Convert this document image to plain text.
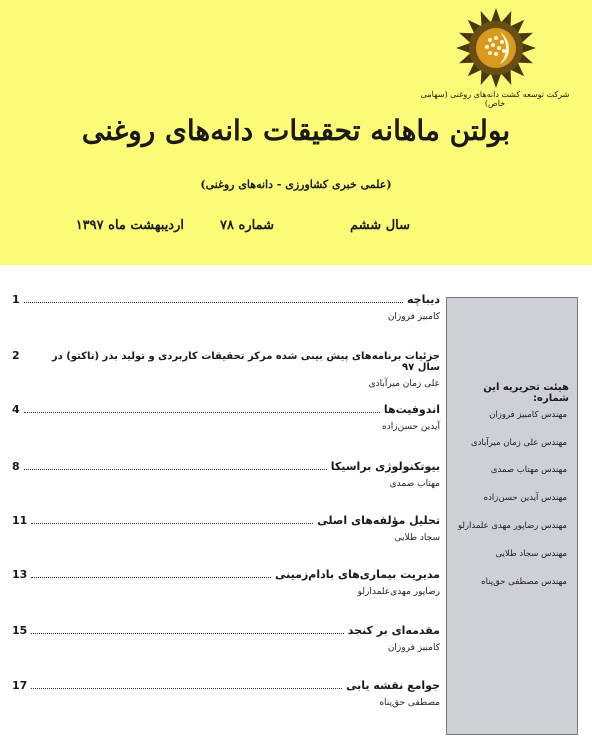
شرکت توسعه کشت دانه‌های روغنی (سهامی خاص)
بولتن ماهانه تحقیقات دانه‌های روغنی
(علمی خبری کشاورزی - دانه‌های روغنی)
سال ششم
شماره ۷۸
اردیبهشت ماه ۱۳۹۷
دیباچه
1
کامبیز فروزان
جزئیات برنامه‌های پیش بینی شده مرکز تحقیقات کاربردی و تولید بذر (تاکتو) در سال ۹۷
2
علی زمان میرآبادی
اندوفیت‌ها
4
آیدین حسن‌زاده
بیوتکنولوژی براسیکا
8
مهتاب صمدی
تحلیل مؤلفه‌های اصلی
11
سجاد طلایی
مدیریت بیماری‌های بادام‌زمینی
13
رضاپور مهدی‌علمدارلو
مقدمه‌ای بر کنجد
15
کامبیز فروزان
جوامع نقشه یابی
17
مصطفی حق‌پناه
هیئت تحریریه این شماره:
مهندس کامبیز فروزان
مهندس علی زمان میرآبادی
مهندس مهتاب صمدی
مهندس آیدین حسن‌زاده
مهندس رضاپور مهدی علمدارلو
مهندس سجاد طلایی
مهندس مصطفی حق‌پناه
